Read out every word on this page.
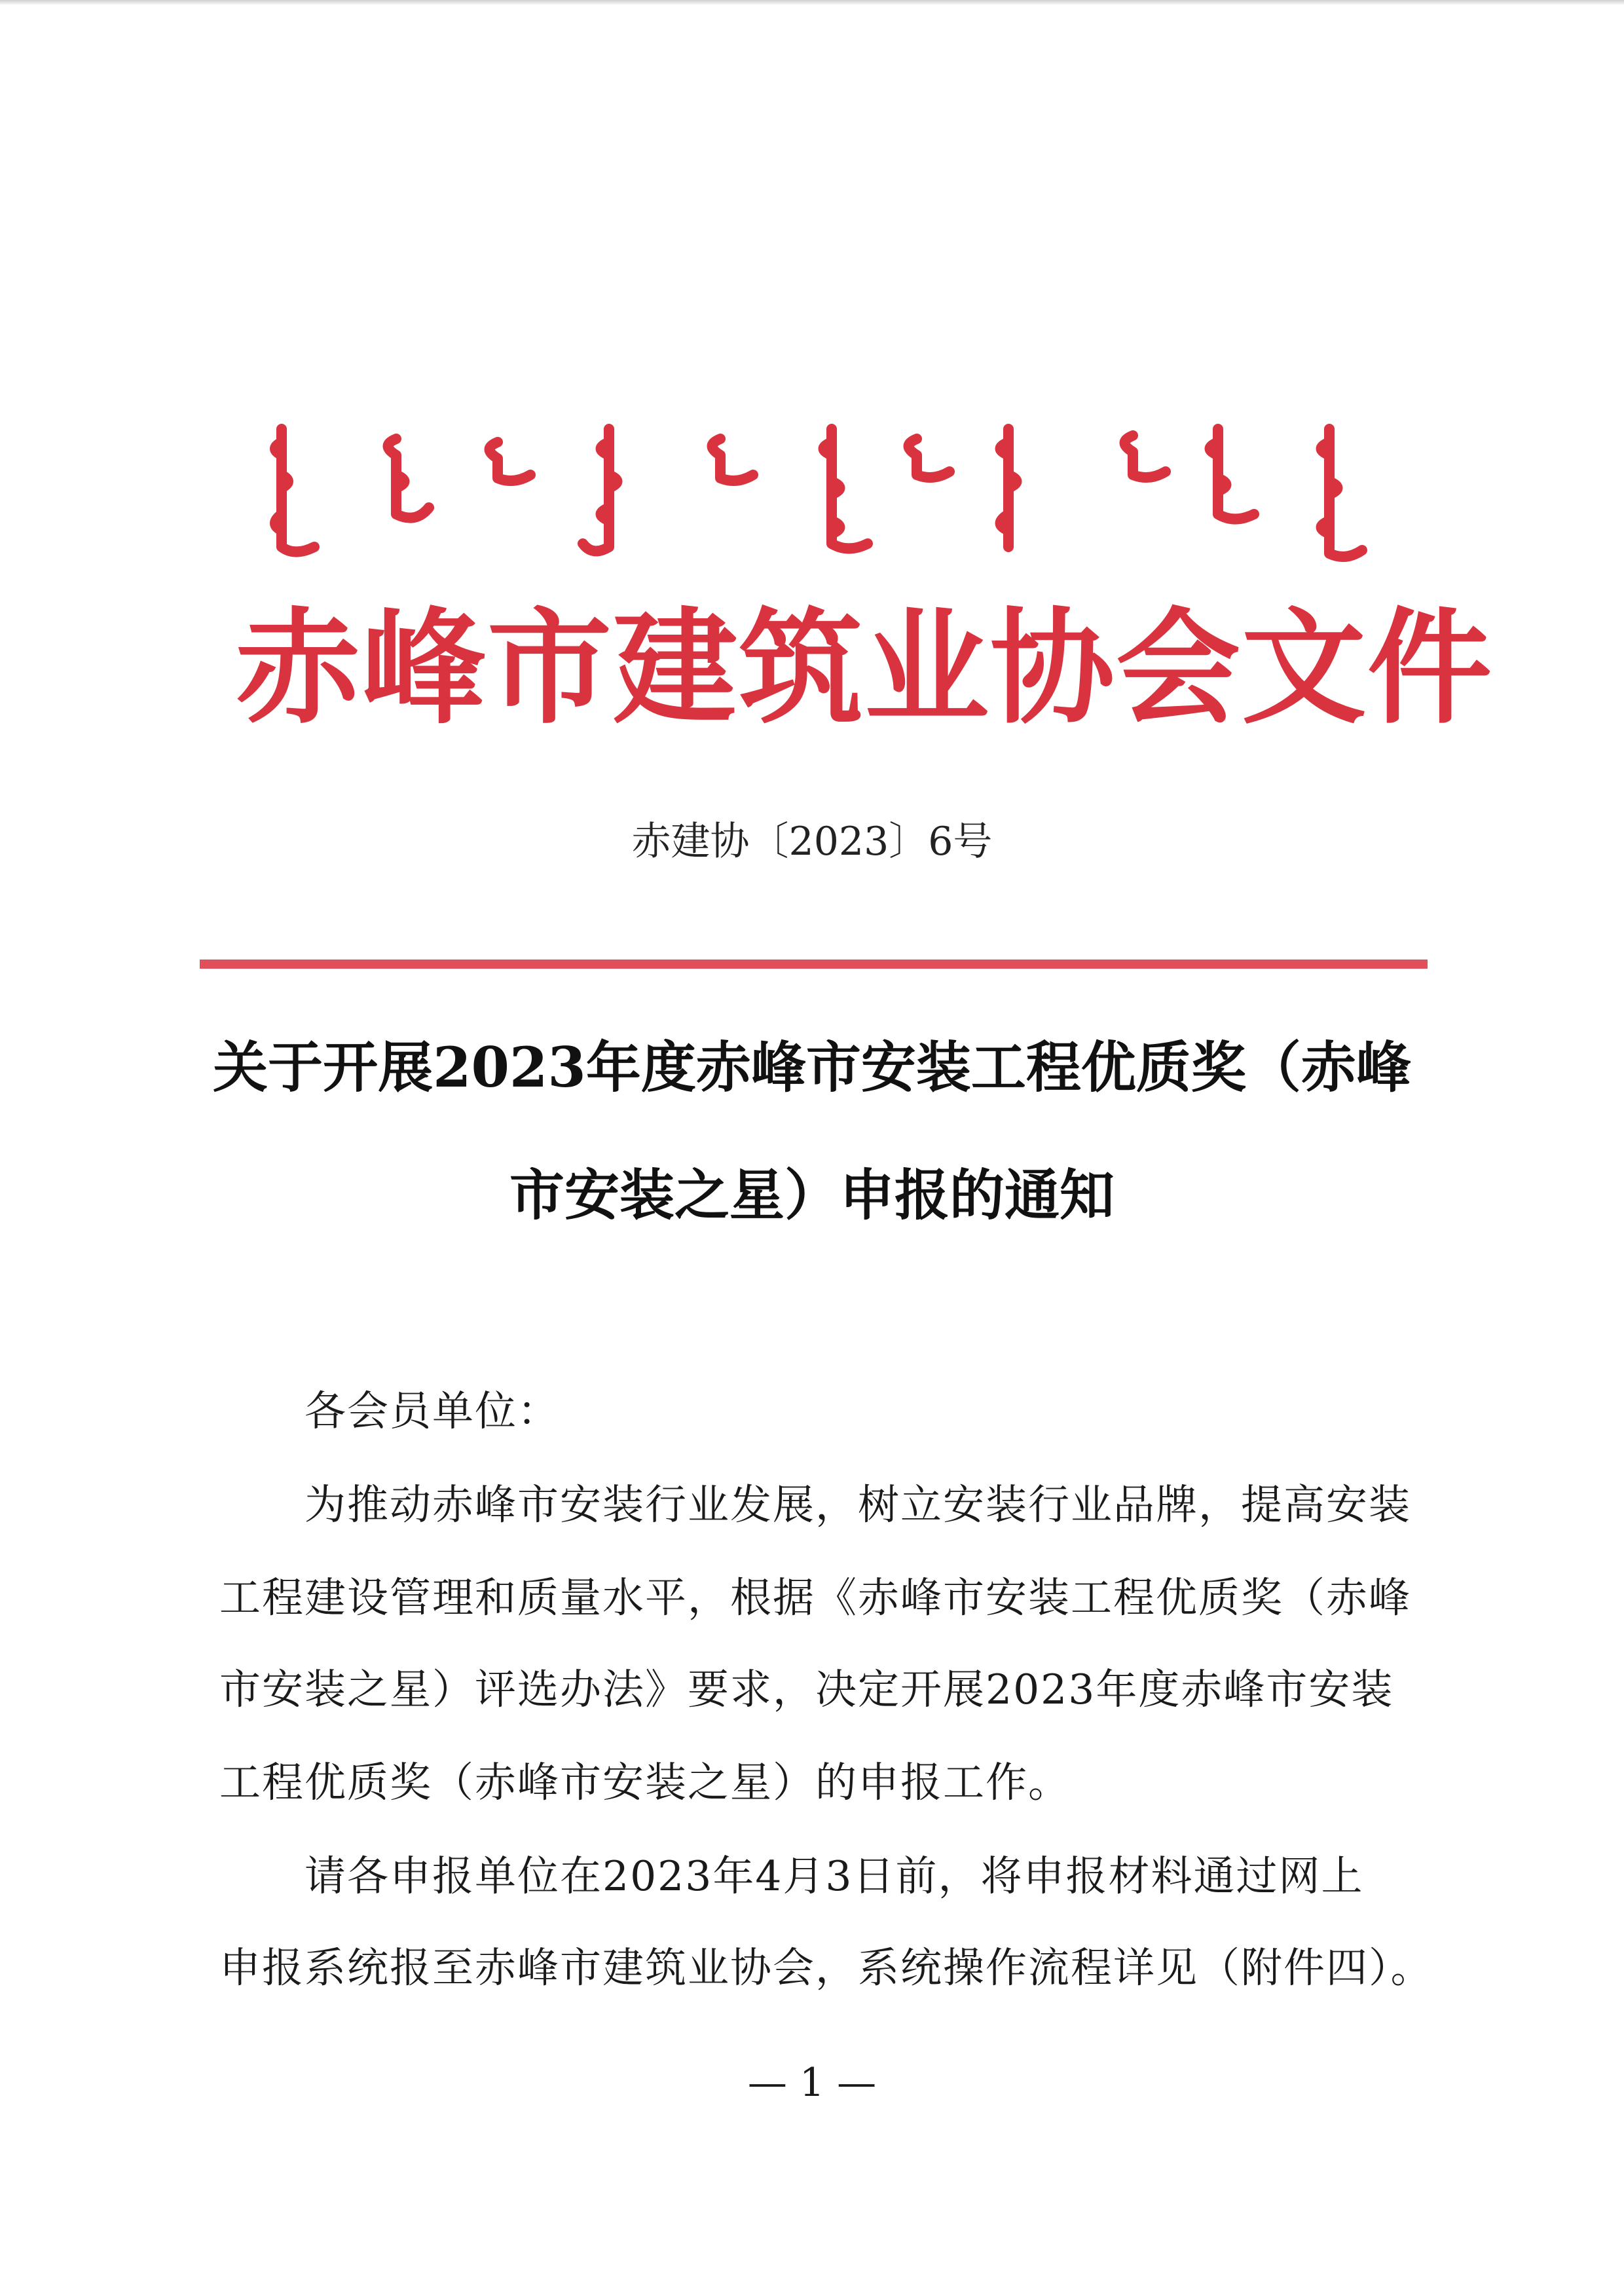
赤峰市建筑业协会文件
赤建协〔2023〕6号
关于开展2023年度赤峰市安装工程优质奖（赤峰
市安装之星）申报的通知
各会员单位：
为推动赤峰市安装行业发展，树立安装行业品牌，提高安装
工程建设管理和质量水平，根据《赤峰市安装工程优质奖（赤峰
市安装之星）评选办法》要求，决定开展2023年度赤峰市安装
工程优质奖（赤峰市安装之星）的申报工作。
请各申报单位在2023年4月3日前，将申报材料通过网上
申报系统报至赤峰市建筑业协会，系统操作流程详见（附件四）。
— 1 —
